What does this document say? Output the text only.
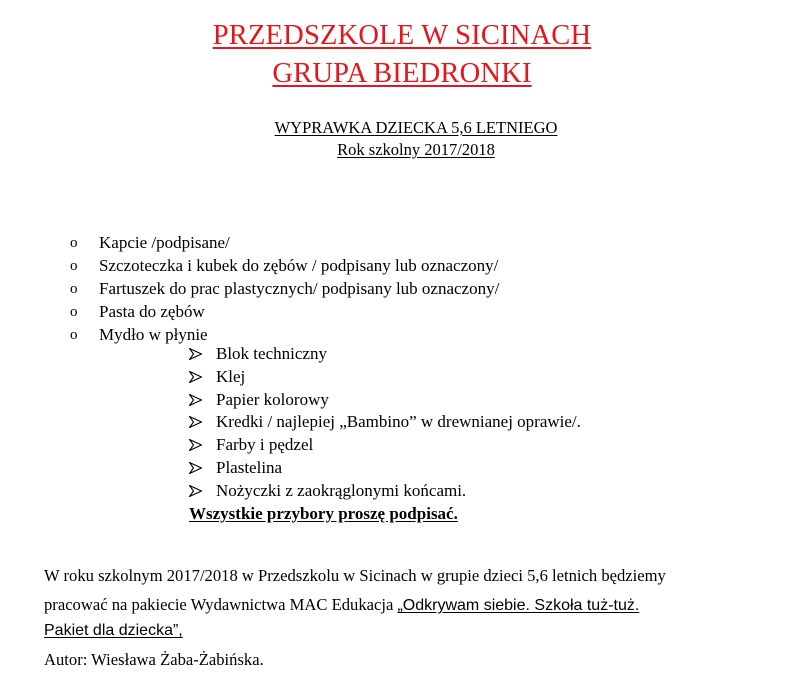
PRZEDSZKOLE W SICINACH
GRUPA BIEDRONKI
WYPRAWKA DZIECKA 5,6 LETNIEGO
Rok szkolny 2017/2018
o Kapcie /podpisane/
o Szczoteczka i kubek do zębów / podpisany lub oznaczony/
o Fartuszek do prac plastycznych/ podpisany lub oznaczony/
o Pasta do zębów
o Mydło w płynie
Blok techniczny
Klej
Papier kolorowy
Kredki / najlepiej „Bambino” w drewnianej oprawie/.
Farby i pędzel
Plastelina
Nożyczki z zaokrąglonymi końcami.
Wszystkie przybory proszę podpisać.
W roku szkolnym 2017/2018 w Przedszkolu w Sicinach w grupie dzieci 5,6 letnich będziemy
pracować na pakiecie Wydawnictwa MAC Edukacja „Odkrywam siebie. Szkoła tuż-tuż.
Pakiet dla dziecka”,
Autor: Wiesława Żaba-Żabińska.
